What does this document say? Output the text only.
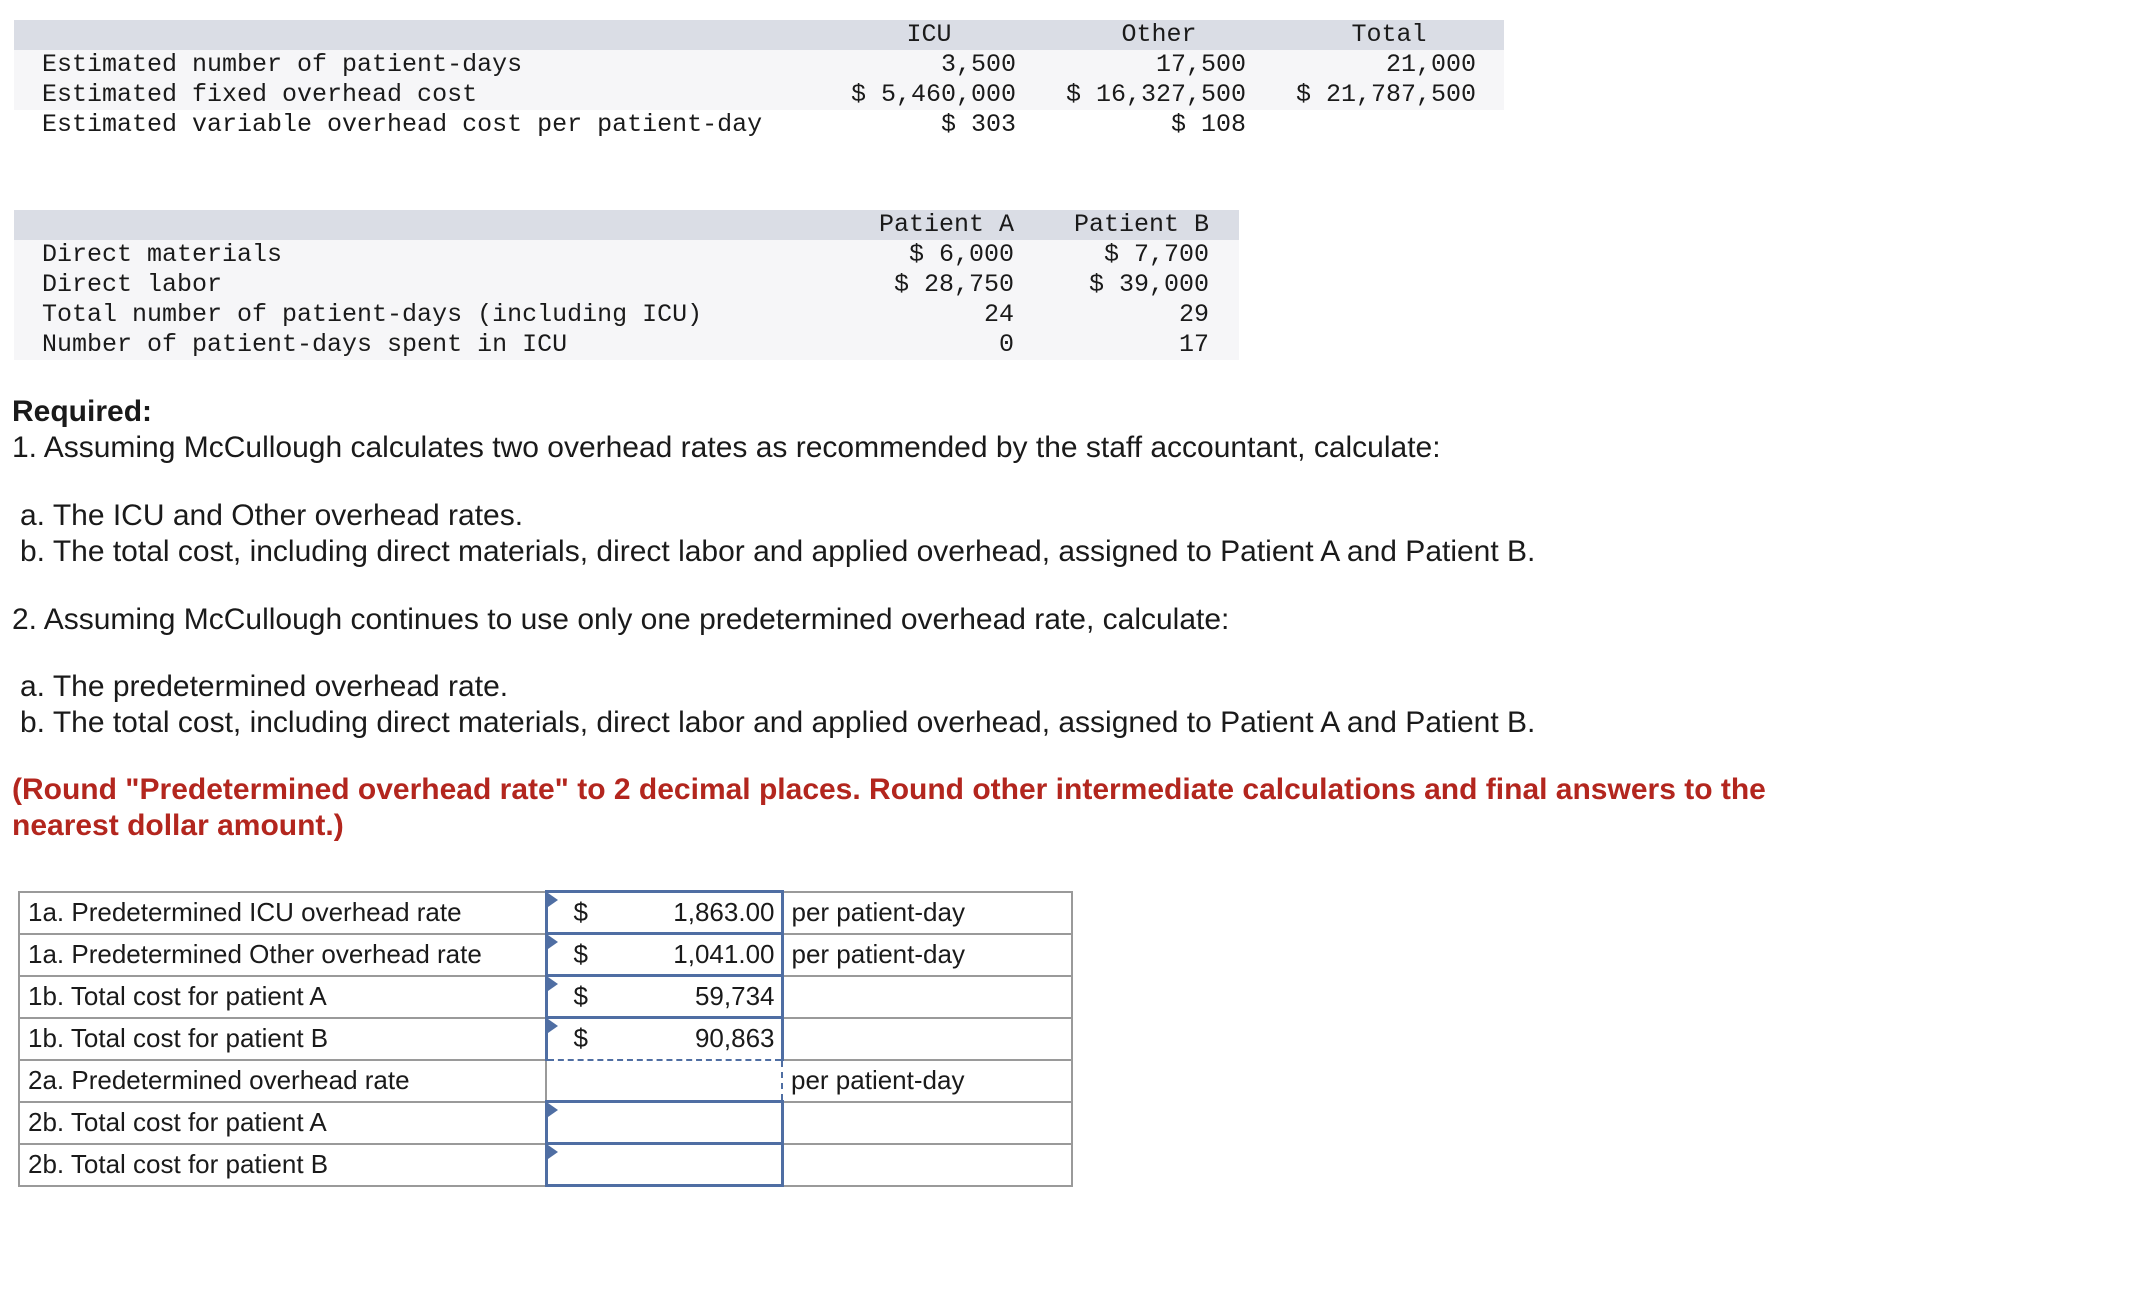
	ICU	Other	Total
Estimated number of patient-days	3,500	17,500	21,000
Estimated fixed overhead cost	$ 5,460,000	$ 16,327,500	$ 21,787,500
Estimated variable overhead cost per patient-day	$ 303	$ 108	
	Patient A	Patient B
Direct materials	$ 6,000	$ 7,700
Direct labor	$ 28,750	$ 39,000
Total number of patient-days (including ICU)	24	29
Number of patient-days spent in ICU	0	17

Required:

1. Assuming McCullough calculates two overhead rates as recommended by the staff accountant, calculate:

a. The ICU and Other overhead rates.

b. The total cost, including direct materials, direct labor and applied overhead, assigned to Patient A and Patient B.

2. Assuming McCullough continues to use only one predetermined overhead rate, calculate:

a. The predetermined overhead rate.

b. The total cost, including direct materials, direct labor and applied overhead, assigned to Patient A and Patient B.

(Round "Predetermined overhead rate" to 2 decimal places. Round other intermediate calculations and final answers to the

nearest dollar amount.)

1a. Predetermined ICU overhead rate	$ 1,863.00	per patient-day
1a. Predetermined Other overhead rate	$ 1,041.00	per patient-day
1b. Total cost for patient A	$ 59,734	

1b. Total cost for patient B	$ 90,863	

2a. Predetermined overhead rate		per patient-day
2b. Total cost for patient A	

2b. Total cost for patient B	
